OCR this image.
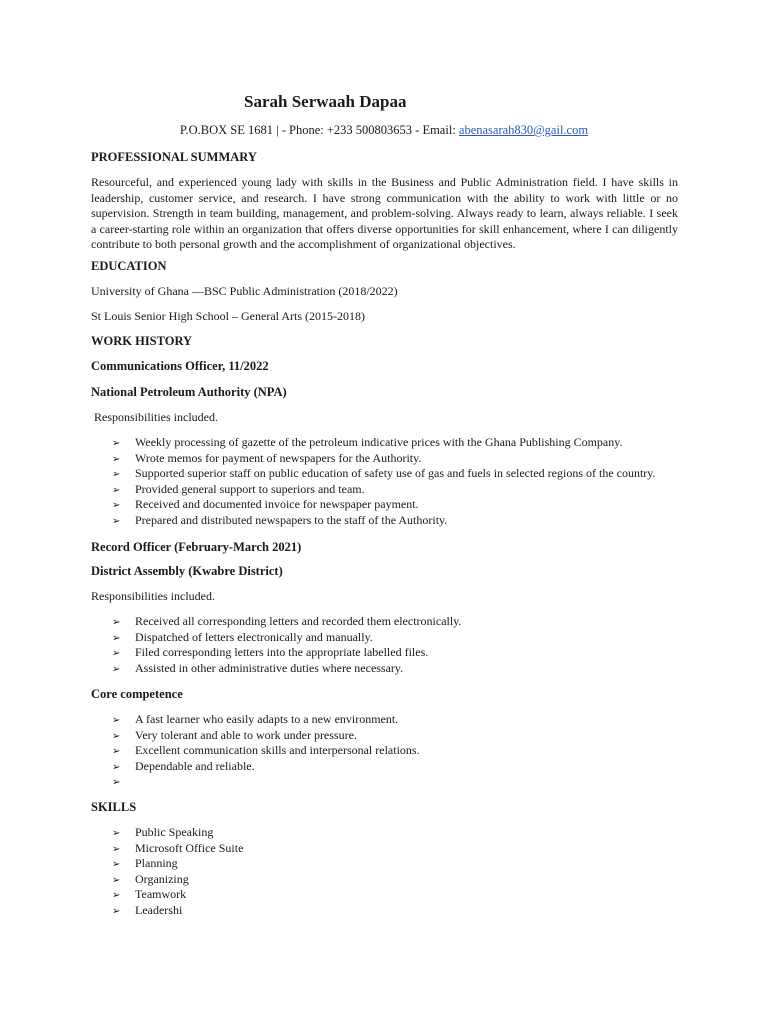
Sarah Serwaah Dapaa
P.O.BOX SE 1681 | - Phone: +233 500803653 - Email: abenasarah830@gail.com

PROFESSIONAL SUMMARY

Resourceful, and experienced young lady with skills in the Business and Public Administration field. I have skills in leadership, customer service, and research. I have strong communication with the ability to work with little or no supervision. Strength in team building, management, and problem-solving. Always ready to learn, always reliable. I seek a career-starting role within an organization that offers diverse opportunities for skill enhancement, where I can diligently contribute to both personal growth and the accomplishment of organizational objectives.

EDUCATION

University of Ghana —BSC Public Administration (2018/2022)

St Louis Senior High School – General Arts (2015-2018)

WORK HISTORY

Communications Officer, 11/2022

National Petroleum Authority (NPA)

Responsibilities included.

➢ Weekly processing of gazette of the petroleum indicative prices with the Ghana Publishing Company.
➢ Wrote memos for payment of newspapers for the Authority.
➢ Supported superior staff on public education of safety use of gas and fuels in selected regions of the country.
➢ Provided general support to superiors and team.
➢ Received and documented invoice for newspaper payment.
➢ Prepared and distributed newspapers to the staff of the Authority.

Record Officer (February-March 2021)

District Assembly (Kwabre District)

Responsibilities included.

➢ Received all corresponding letters and recorded them electronically.
➢ Dispatched of letters electronically and manually.
➢ Filed corresponding letters into the appropriate labelled files.
➢ Assisted in other administrative duties where necessary.

Core competence

➢ A fast learner who easily adapts to a new environment.
➢ Very tolerant and able to work under pressure.
➢ Excellent communication skills and interpersonal relations.
➢ Dependable and reliable.
➢

SKILLS

➢ Public Speaking
➢ Microsoft Office Suite
➢ Planning
➢ Organizing
➢ Teamwork
➢ Leadershi
